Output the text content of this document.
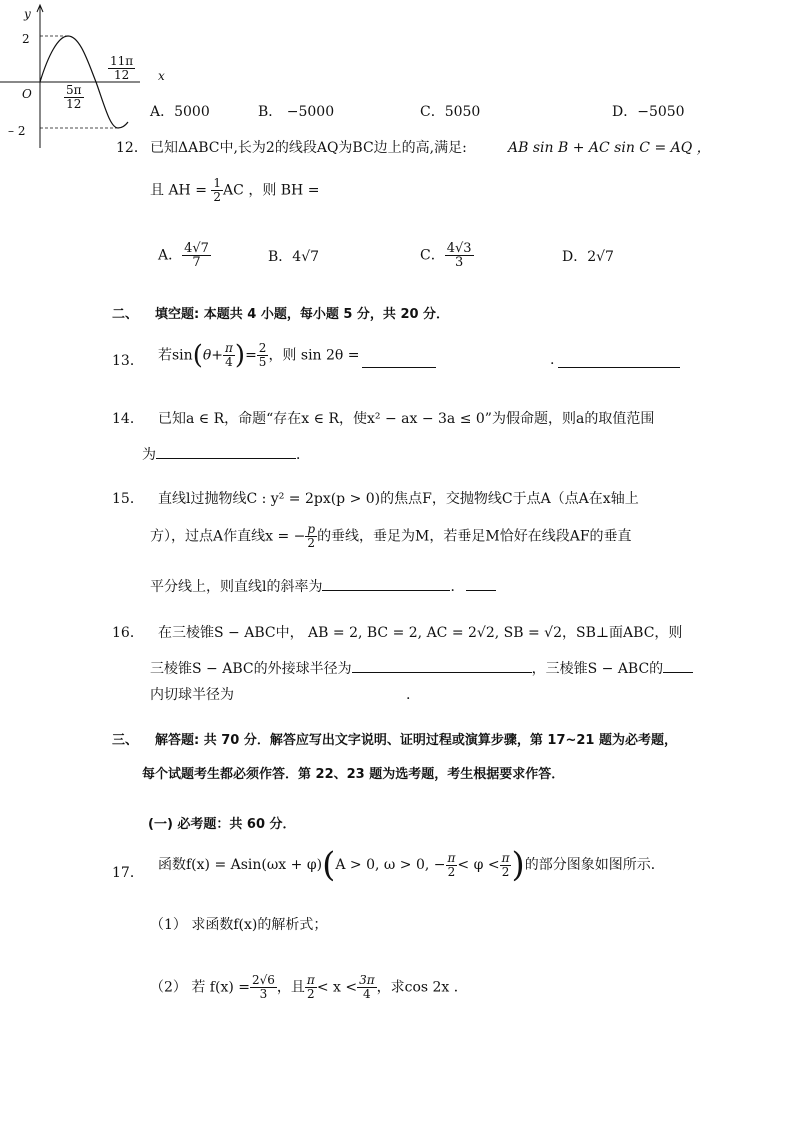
y
2
O
– 2
x
$\frac{5\pi}{12}$
$\frac{11\pi}{12}$
A．5000	B． −5000	C．5050	D．−5050
12． 已知ΔABC中,长为2的线段AQ为BC边上的高,满足:	AB sin B + AC sin C = AQ ，
且 AH = $\frac{1}{2}$ AC ，则 BH =
A． $\frac{4√7}{7}$	B．4√7	C． $\frac{4√3}{3}$	D．2√7
二、 填空题: 本题共 4 小题，每小题 5 分，共 20 分．
13． 若$\sin(\theta+ \frac{\pi}{4}$ )= $\frac{2}{5}$ ，则 sin 2θ =	.
14． 已知a ∈ R，命题“存在x ∈ R，使x² − ax − 3a ≤ 0”为假命题，则a的取值范围
为	．
15． 直线l过抛物线C : y² = 2px(p > 0)的焦点F，交抛物线C于点A（点A在x轴上
方），过点A作直线x = − $\frac{p}{2}$ 的垂线，垂足为M，若垂足M恰好在线段AF的垂直
平分线上，则直线l的斜率为	．
16． 在三棱锥S − ABC中， AB = 2, BC = 2, AC = 2√2, SB = √2，SB⊥面ABC，则
三棱锥S − ABC的外接球半径为	，三棱锥S − ABC的
内切球半径为	.
三、 解答题: 共 70 分．解答应写出文字说明、证明过程或演算步骤，第 17~21 题为必考题，
每个试题考生都必须作答．第 22、23 题为选考题，考生根据要求作答．
(一) 必考题：共 60 分．
17． 函数f(x) = Asin(ωx + φ)(A > 0, ω > 0, − $\frac{\pi}{2} < \varphi < \frac{\pi}{2}$ )的部分图象如图所示．
（1） 求函数f(x)的解析式；
（2） 若 $f(x) = \frac{2√6}{3}$ ，且 $\frac{\pi}{2} < x < \frac{3\pi}{4}$ ，求cos 2x ．
